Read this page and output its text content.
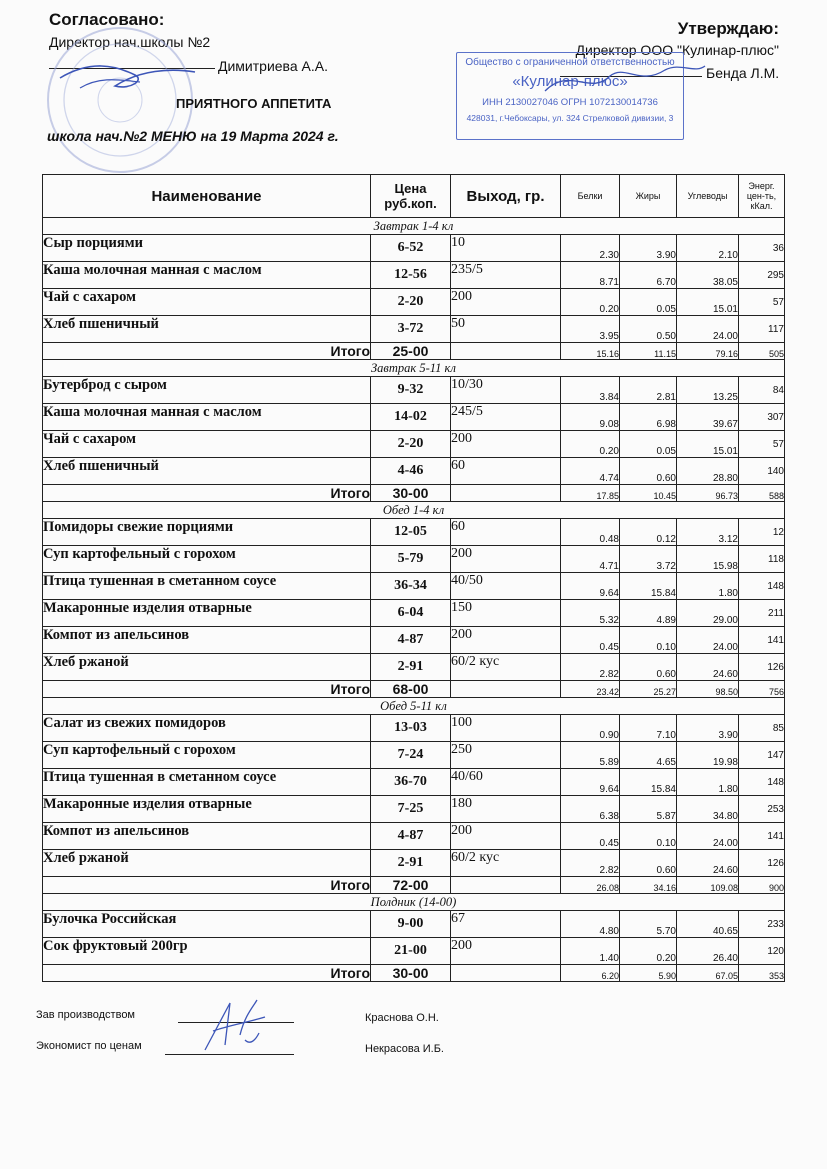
Согласовано:
Директор нач.школы №2
Димитриева А.А.
Утверждаю:
Директор ООО "Кулинар-плюс"
Бенда Л.М.
Общество с ограниченной ответственностью
«Кулинар-плюс»
ИНН 2130027046 ОГРН 1072130014736
428031, г.Чебоксары, ул. 324 Стрелковой дивизии, 3
ПРИЯТНОГО АППЕТИТА
школа нач.№2 МЕНЮ на 19 Марта 2024 г.
Наименование	Цена руб.коп.	Выход, гр.	Белки	Жиры	Углеводы	Энерг. цен-ть, кКал.
Завтрак 1-4 кл						
Сыр порциями	6-52	10	2.30	3.90	2.10	36
Каша молочная манная с маслом	12-56	235/5	8.71	6.70	38.05	295
Чай с сахаром	2-20	200	0.20	0.05	15.01	57
Хлеб пшеничный	3-72	50	3.95	0.50	24.00	117
Итого	25-00		15.16	11.15	79.16	505
Завтрак 5-11 кл						
Бутерброд с сыром	9-32	10/30	3.84	2.81	13.25	84
Каша молочная манная с маслом	14-02	245/5	9.08	6.98	39.67	307
Чай с сахаром	2-20	200	0.20	0.05	15.01	57
Хлеб пшеничный	4-46	60	4.74	0.60	28.80	140
Итого	30-00		17.85	10.45	96.73	588
Обед 1-4 кл						
Помидоры свежие порциями	12-05	60	0.48	0.12	3.12	12
Суп картофельный с горохом	5-79	200	4.71	3.72	15.98	118
Птица тушенная в сметанном соусе	36-34	40/50	9.64	15.84	1.80	148
Макаронные изделия отварные	6-04	150	5.32	4.89	29.00	211
Компот из апельсинов	4-87	200	0.45	0.10	24.00	141
Хлеб ржаной	2-91	60/2 кус	2.82	0.60	24.60	126
Итого	68-00		23.42	25.27	98.50	756
Обед 5-11 кл						
Салат из свежих помидоров	13-03	100	0.90	7.10	3.90	85
Суп картофельный с горохом	7-24	250	5.89	4.65	19.98	147
Птица тушенная в сметанном соусе	36-70	40/60	9.64	15.84	1.80	148
Макаронные изделия отварные	7-25	180	6.38	5.87	34.80	253
Компот из апельсинов	4-87	200	0.45	0.10	24.00	141
Хлеб ржаной	2-91	60/2 кус	2.82	0.60	24.60	126
Итого	72-00		26.08	34.16	109.08	900
Полдник (14-00)						
Булочка Российская	9-00	67	4.80	5.70	40.65	233
Сок фруктовый 200гр	21-00	200	1.40	0.20	26.40	120
Итого	30-00		6.20	5.90	67.05	353
Зав производством	Краснова О.Н.
Экономист по ценам	Некрасова И.Б.
